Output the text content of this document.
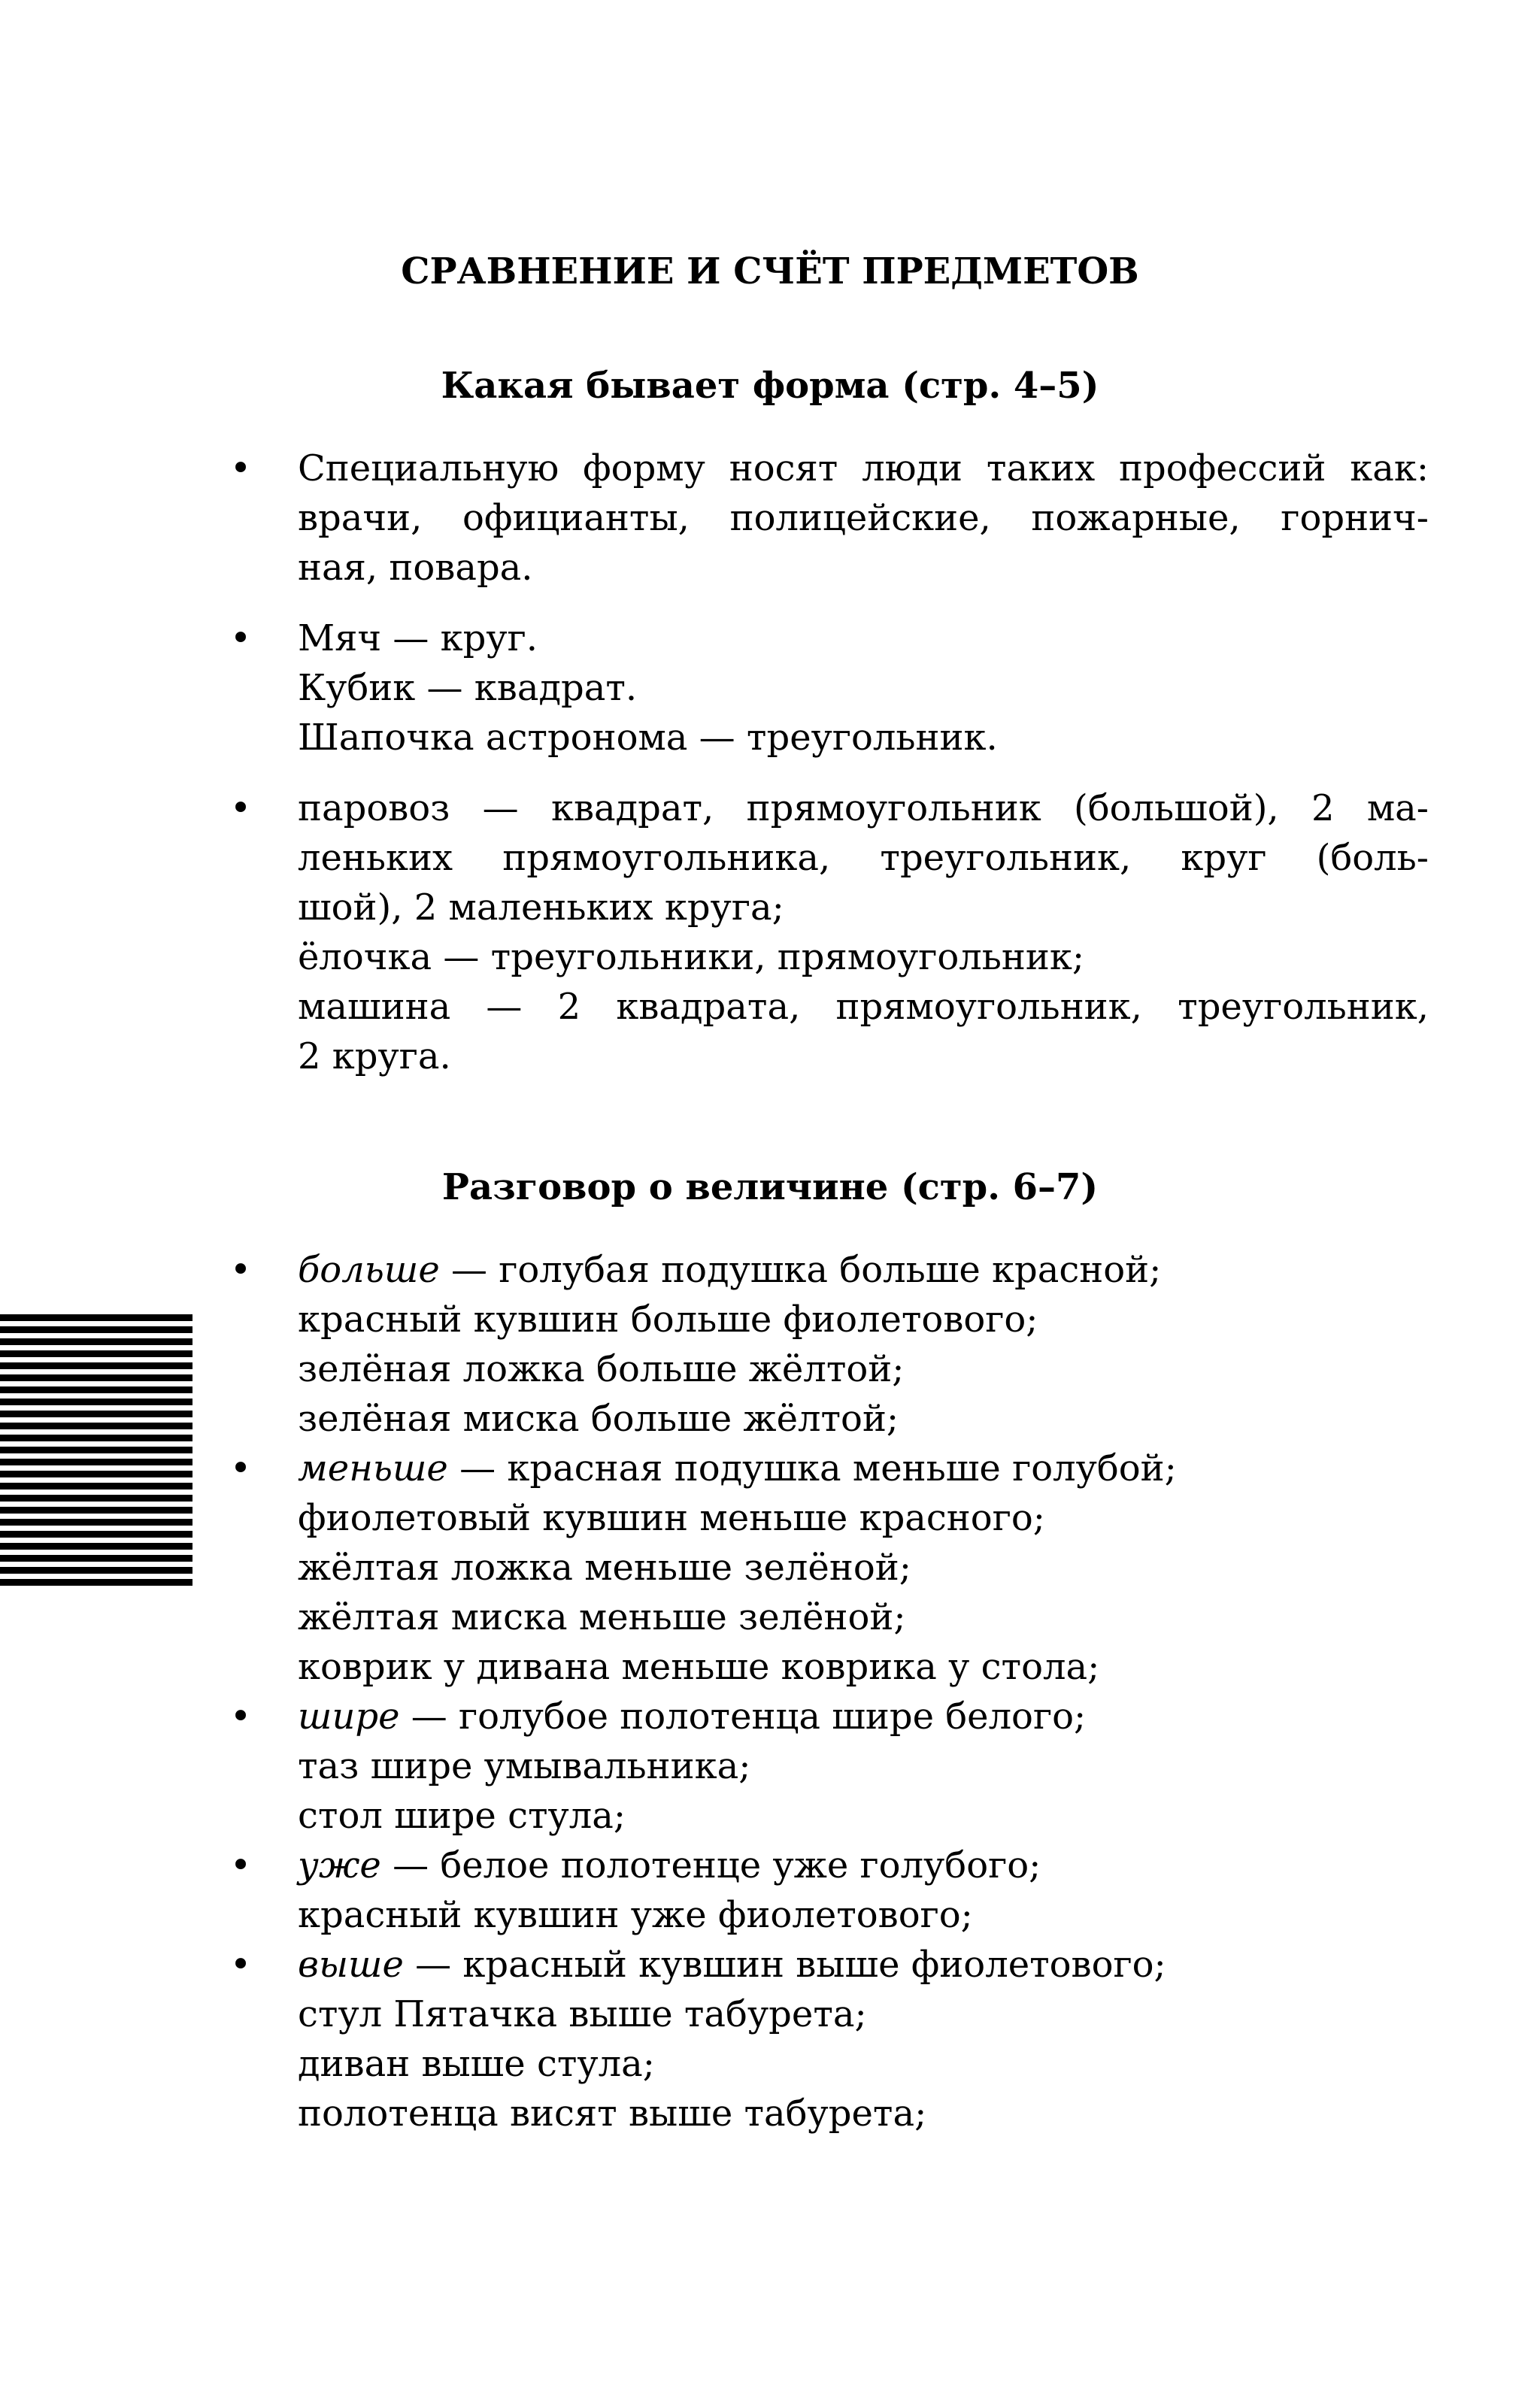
СРАВНЕНИЕ И СЧЁТ ПРЕДМЕТОВ
Какая бывает форма (стр. 4–5)
• Специальную форму носят люди таких профессий как:
врачи, официанты, полицейские, пожарные, горнич-
ная, повара.
• Мяч — круг.
Кубик — квадрат.
Шапочка астронома — треугольник.
• паровоз — квадрат, прямоугольник (большой), 2 ма-
леньких прямоугольника, треугольник, круг (боль-
шой), 2 маленьких круга;
ёлочка — треугольники, прямоугольник;
машина — 2 квадрата, прямоугольник, треугольник,
2 круга.
Разговор о величине (стр. 6–7)
• больше — голубая подушка больше красной;
красный кувшин больше фиолетового;
зелёная ложка больше жёлтой;
зелёная миска больше жёлтой;
• меньше — красная подушка меньше голубой;
фиолетовый кувшин меньше красного;
жёлтая ложка меньше зелёной;
жёлтая миска меньше зелёной;
коврик у дивана меньше коврика у стола;
• шире — голубое полотенца шире белого;
таз шире умывальника;
стол шире стула;
• уже — белое полотенце уже голубого;
красный кувшин уже фиолетового;
• выше — красный кувшин выше фиолетового;
стул Пятачка выше табурета;
диван выше стула;
полотенца висят выше табурета;
